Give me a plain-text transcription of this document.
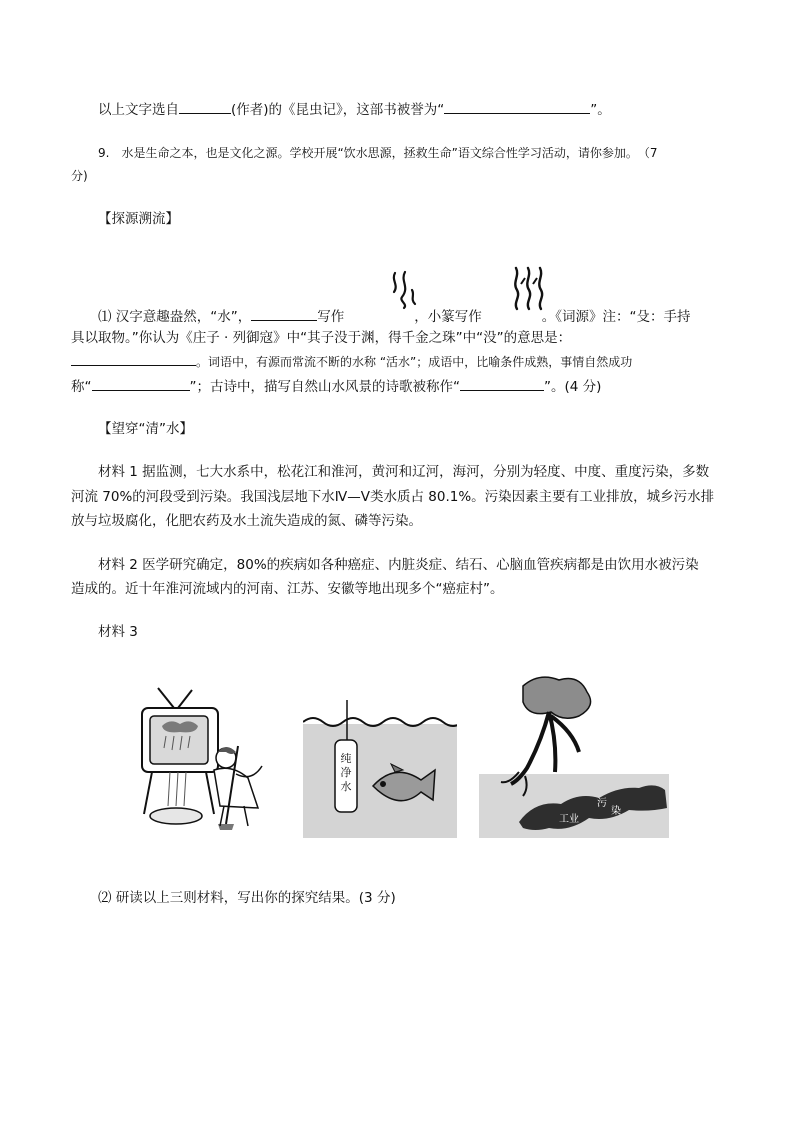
以上文字选自	(作者)的《昆虫记》，这部书被誉为“	”。
9.　水是生命之本，也是文化之源。学校开展“饮水思源，拯救生命”语文综合性学习活动，请你参加。　（7
分)
【探源溯流】
⑴ 汉字意趣盎然，“水”，	写作	，小篆写作	。《词源》注：“殳：手持
具以取物。”你认为《庄子 · 列御寇》中“其子没于渊，得千金之珠”中“没”的意思是：
。词语中，有源而常流不断的水称 “活水”；成语中，比喻条件成熟，事情自然成功
称“	”；古诗中，描写自然山水风景的诗歌被称作“	”。(4 分)
【望穿“清”水】
材料 1 据监测，七大水系中，松花江和淮河，黄河和辽河，海河，分别为轻度、中度、重度污染，多数
河流 70%的河段受到污染。我国浅层地下水Ⅳ—Ⅴ类水质占 80.1%。污染因素主要有工业排放，城乡污水排
放与垃圾腐化，化肥农药及水土流失造成的氮、磷等污染。
材料 2 医学研究确定，80%的疾病如各种癌症、内脏炎症、结石、心脑血管疾病都是由饮用水被污染
造成的。近十年淮河流域内的河南、江苏、安徽等地出现多个“癌症村”。
材料 3
纯
净
水
工业
污
染
⑵ 研读以上三则材料，写出你的探究结果。(3 分)
